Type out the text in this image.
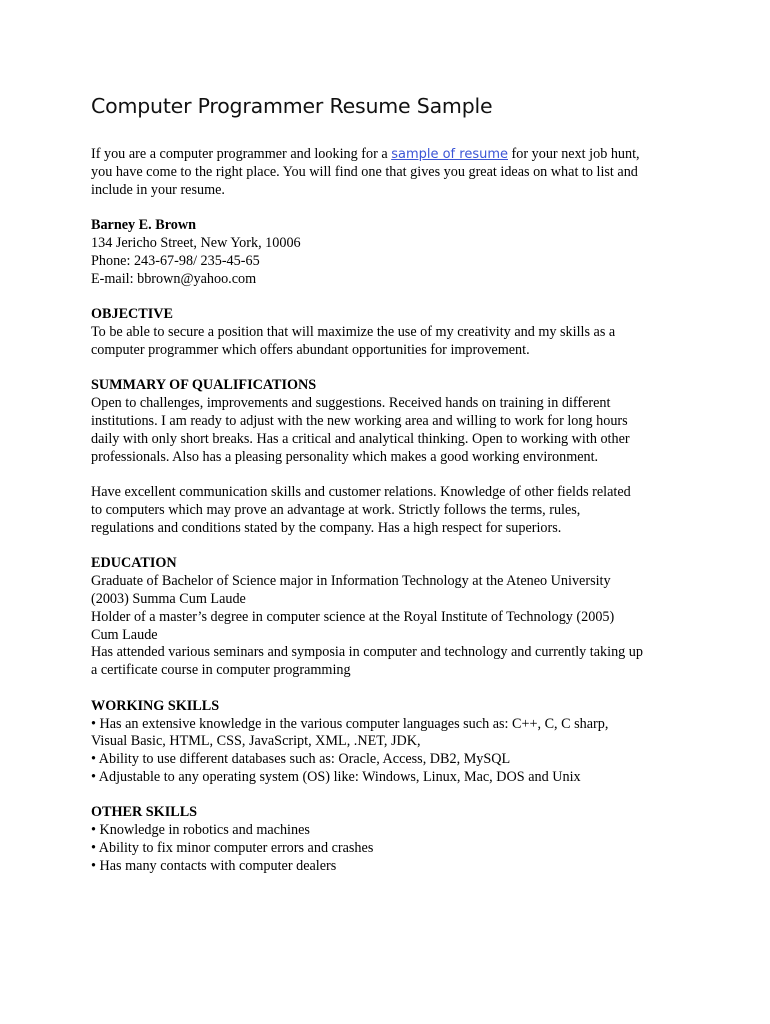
Computer Programmer Resume Sample
If you are a computer programmer and looking for a sample of resume for your next job hunt,
you have come to the right place. You will find one that gives you great ideas on what to list and
include in your resume.
Barney E. Brown
134 Jericho Street, New York, 10006
Phone: 243-67-98/ 235-45-65
E-mail: bbrown@yahoo.com
OBJECTIVE
To be able to secure a position that will maximize the use of my creativity and my skills as a
computer programmer which offers abundant opportunities for improvement.
SUMMARY OF QUALIFICATIONS
Open to challenges, improvements and suggestions. Received hands on training in different
institutions. I am ready to adjust with the new working area and willing to work for long hours
daily with only short breaks. Has a critical and analytical thinking. Open to working with other
professionals. Also has a pleasing personality which makes a good working environment.
Have excellent communication skills and customer relations. Knowledge of other fields related
to computers which may prove an advantage at work. Strictly follows the terms, rules,
regulations and conditions stated by the company. Has a high respect for superiors.
EDUCATION
Graduate of Bachelor of Science major in Information Technology at the Ateneo University
(2003) Summa Cum Laude
Holder of a master’s degree in computer science at the Royal Institute of Technology (2005)
Cum Laude
Has attended various seminars and symposia in computer and technology and currently taking up
a certificate course in computer programming
WORKING SKILLS
• Has an extensive knowledge in the various computer languages such as: C++, C, C sharp,
Visual Basic, HTML, CSS, JavaScript, XML, .NET, JDK,
• Ability to use different databases such as: Oracle, Access, DB2, MySQL
• Adjustable to any operating system (OS) like: Windows, Linux, Mac, DOS and Unix
OTHER SKILLS
• Knowledge in robotics and machines
• Ability to fix minor computer errors and crashes
• Has many contacts with computer dealers
